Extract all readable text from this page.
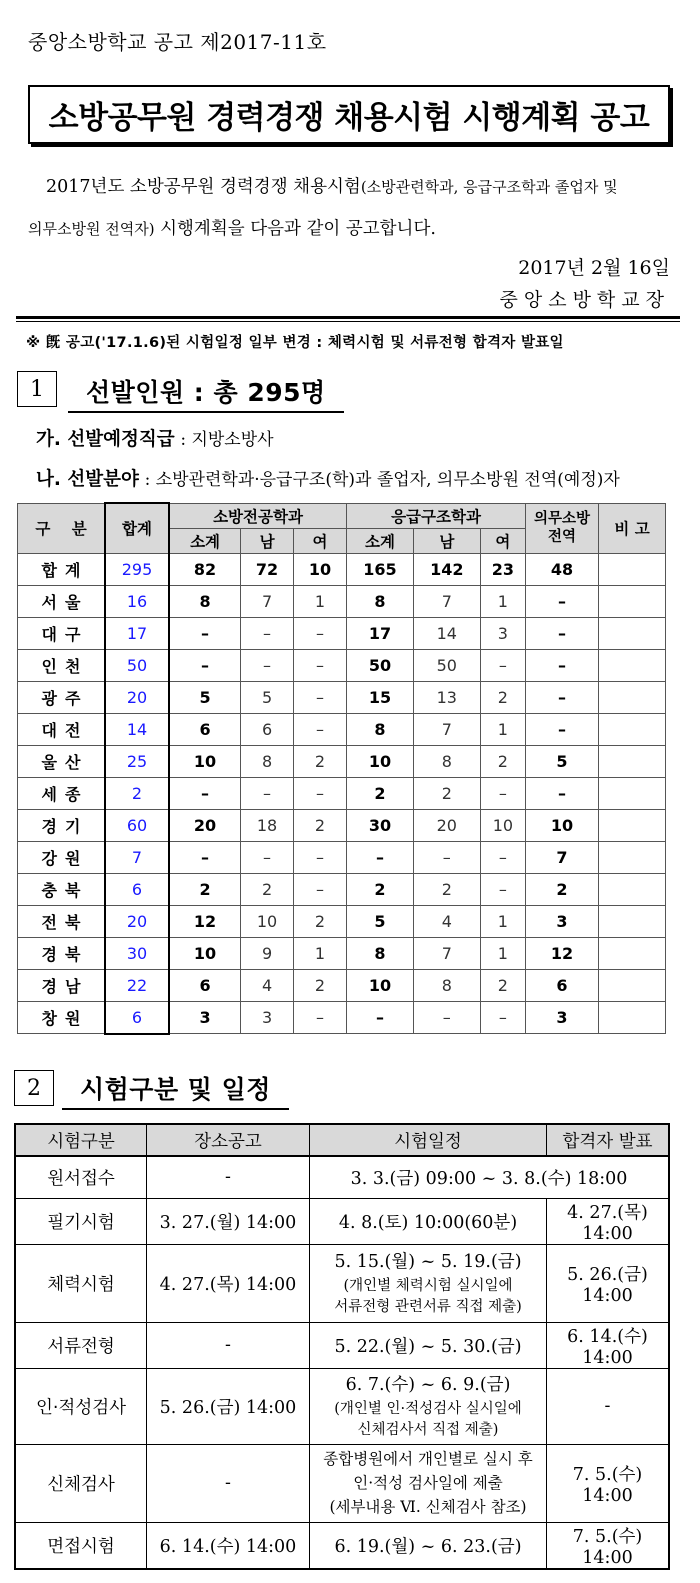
중앙소방학교 공고 제2017-11호
소방공무원 경력경쟁 채용시험 시행계획 공고

2017년도 소방공무원 경력경쟁 채용시험(소방관련학과, 응급구조학과 졸업자 및

의무소방원 전역자) 시행계획을 다음과 같이 공고합니다.

2017년 2월 16일
중앙소방학교장
※ 旣 공고('17.1.6)된 시험일정 일부 변경 : 체력시험 및 서류전형 합격자 발표일
1	선발인원 : 총 295명
가. 선발예정직급 : 지방소방사
나. 선발분야 : 소방관련학과·응급구조(학)과 졸업자, 의무소방원 전역(예정)자
구 분	합계	소방전공학과			응급구조학과			의무소방 전역	비 고
		소계	남	여	소계	남	여		
합계	295	82	72	10	165	142	23	48	
서울	16	8	7	1	8	7	1	–	
대구	17	–	–	–	17	14	3	–	
인천	50	–	–	–	50	50	–	–	
광주	20	5	5	–	15	13	2	–	
대전	14	6	6	–	8	7	1	–	
울산	25	10	8	2	10	8	2	5	
세종	2	–	–	–	2	2	–	–	
경기	60	20	18	2	30	20	10	10	
강원	7	–	–	–	–	–	–	7	
충북	6	2	2	–	2	2	–	2	
전북	20	12	10	2	5	4	1	3	
경북	30	10	9	1	8	7	1	12	
경남	22	6	4	2	10	8	2	6	
창원	6	3	3	–	–	–	–	3	
2	시험구분 및 일정
시험구분	장소공고	시험일정	합격자 발표
원서접수	-	3. 3.(금) 09:00 ~ 3. 8.(수) 18:00	
필기시험	3. 27.(월) 14:00	4. 8.(토) 10:00(60분)	4. 27.(목) 14:00
체력시험	4. 27.(목) 14:00	5. 15.(월) ~ 5. 19.(금)
(개인별 체력시험 실시일에
서류전형 관련서류 직접 제출)	5. 26.(금) 14:00
서류전형	-	5. 22.(월) ~ 5. 30.(금)	6. 14.(수) 14:00
인·적성검사	5. 26.(금) 14:00	6. 7.(수) ~ 6. 9.(금)
(개인별 인·적성검사 실시일에
신체검사서 직접 제출)	-
신체검사	-	종합병원에서 개인별로 실시 후
인·적성 검사일에 제출
(세부내용 Ⅵ. 신체검사 참조)	7. 5.(수) 14:00
면접시험	6. 14.(수) 14:00	6. 19.(월) ~ 6. 23.(금)	7. 5.(수) 14:00
